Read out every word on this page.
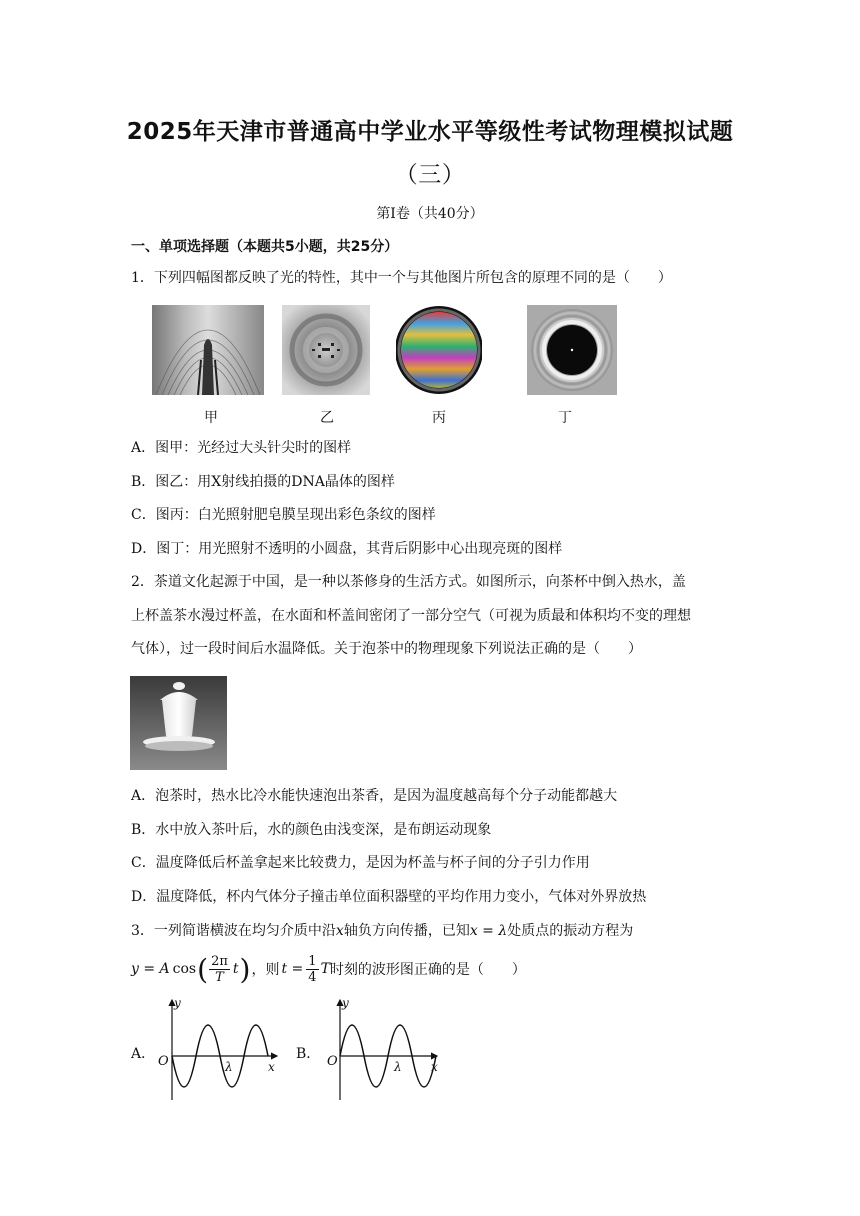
2025年天津市普通高中学业水平等级性考试物理模拟试题
（三）
第Ⅰ卷（共40分）
一、单项选择题（本题共5小题，共25分）
1．下列四幅图都反映了光的特性，其中一个与其他图片所包含的原理不同的是（　　）
甲	乙	丙	丁
A．图甲：光经过大头针尖时的图样
B．图乙：用X射线拍摄的DNA晶体的图样
C．图丙：白光照射肥皂膜呈现出彩色条纹的图样
D．图丁：用光照射不透明的小圆盘，其背后阴影中心出现亮斑的图样
2．茶道文化起源于中国，是一种以茶修身的生活方式。如图所示，向茶杯中倒入热水，盖
上杯盖茶水漫过杯盖，在水面和杯盖间密闭了一部分空气（可视为质最和体积均不变的理想
气体），过一段时间后水温降低。关于泡茶中的物理现象下列说法正确的是（　　）
A．泡茶时，热水比冷水能快速泡出茶香，是因为温度越高每个分子动能都越大
B．水中放入茶叶后，水的颜色由浅变深，是布朗运动现象
C．温度降低后杯盖拿起来比较费力，是因为杯盖与杯子间的分子引力作用
D．温度降低，杯内气体分子撞击单位面积器壁的平均作用力变小，气体对外界放热
3．一列简谐横波在均匀介质中沿x轴负方向传播，已知x = λ处质点的振动方程为
y = A cos ( 2π
T t ) ，则 $t = \frac{1}{4}$ T 时刻的波形图正确的是（　　）
A．
y
O	λ	x
B．
y
O	λ x
